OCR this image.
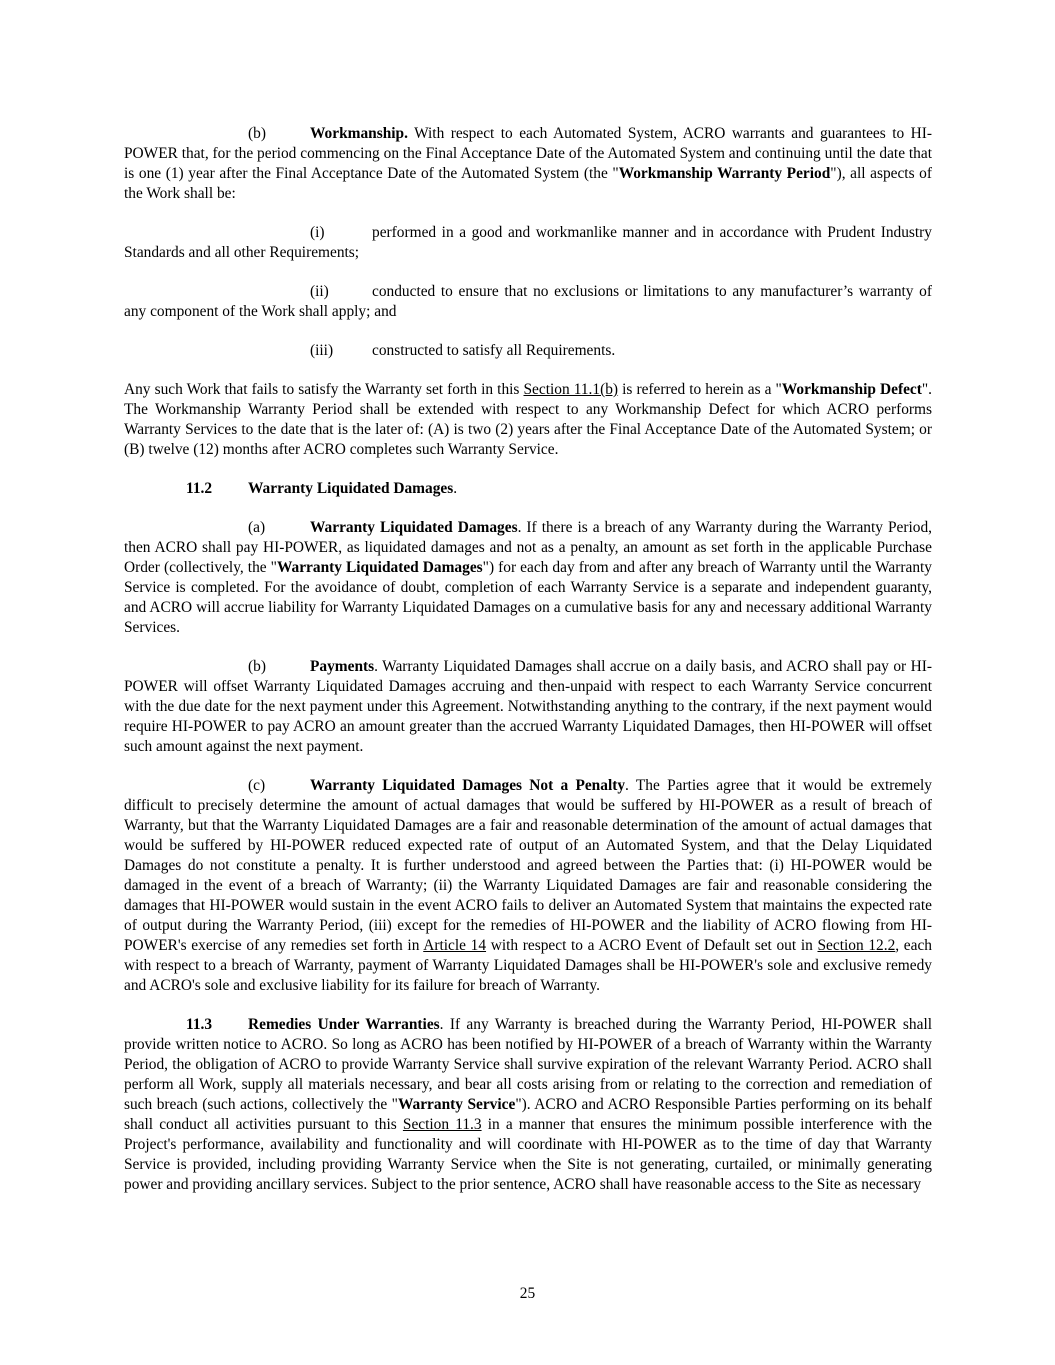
(b)	Workmanship. With respect to each Automated System, ACRO warrants and guarantees to HI-POWER that, for the period commencing on the Final Acceptance Date of the Automated System and continuing until the date that is one (1) year after the Final Acceptance Date of the Automated System (the "Workmanship Warranty Period"), all aspects of the Work shall be:

(i)	performed in a good and workmanlike manner and in accordance with Prudent Industry Standards and all other Requirements;

(ii)	conducted to ensure that no exclusions or limitations to any manufacturer’s warranty of any component of the Work shall apply; and

(iii)	constructed to satisfy all Requirements.

Any such Work that fails to satisfy the Warranty set forth in this Section 11.1(b) is referred to herein as a "Workmanship Defect". The Workmanship Warranty Period shall be extended with respect to any Workmanship Defect for which ACRO performs Warranty Services to the date that is the later of: (A) is two (2) years after the Final Acceptance Date of the Automated System; or (B) twelve (12) months after ACRO completes such Warranty Service.

11.2 Warranty Liquidated Damages.

(a)	Warranty Liquidated Damages. If there is a breach of any Warranty during the Warranty Period, then ACRO shall pay HI-POWER, as liquidated damages and not as a penalty, an amount as set forth in the applicable Purchase Order (collectively, the "Warranty Liquidated Damages") for each day from and after any breach of Warranty until the Warranty Service is completed. For the avoidance of doubt, completion of each Warranty Service is a separate and independent guaranty, and ACRO will accrue liability for Warranty Liquidated Damages on a cumulative basis for any and necessary additional Warranty Services.

(b)	Payments. Warranty Liquidated Damages shall accrue on a daily basis, and ACRO shall pay or HI-POWER will offset Warranty Liquidated Damages accruing and then-unpaid with respect to each Warranty Service concurrent with the due date for the next payment under this Agreement. Notwithstanding anything to the contrary, if the next payment would require HI-POWER to pay ACRO an amount greater than the accrued Warranty Liquidated Damages, then HI-POWER will offset such amount against the next payment.

(c)	Warranty Liquidated Damages Not a Penalty. The Parties agree that it would be extremely difficult to precisely determine the amount of actual damages that would be suffered by HI-POWER as a result of breach of Warranty, but that the Warranty Liquidated Damages are a fair and reasonable determination of the amount of actual damages that would be suffered by HI-POWER reduced expected rate of output of an Automated System, and that the Delay Liquidated Damages do not constitute a penalty. It is further understood and agreed between the Parties that: (i) HI-POWER would be damaged in the event of a breach of Warranty; (ii) the Warranty Liquidated Damages are fair and reasonable considering the damages that HI-POWER would sustain in the event ACRO fails to deliver an Automated System that maintains the expected rate of output during the Warranty Period, (iii) except for the remedies of HI-POWER and the liability of ACRO flowing from HI-POWER's exercise of any remedies set forth in Article 14 with respect to a ACRO Event of Default set out in Section 12.2, each with respect to a breach of Warranty, payment of Warranty Liquidated Damages shall be HI-POWER's sole and exclusive remedy and ACRO's sole and exclusive liability for its failure for breach of Warranty.

11.3 Remedies Under Warranties. If any Warranty is breached during the Warranty Period, HI-POWER shall provide written notice to ACRO. So long as ACRO has been notified by HI-POWER of a breach of Warranty within the Warranty Period, the obligation of ACRO to provide Warranty Service shall survive expiration of the relevant Warranty Period. ACRO shall perform all Work, supply all materials necessary, and bear all costs arising from or relating to the correction and remediation of such breach (such actions, collectively the "Warranty Service"). ACRO and ACRO Responsible Parties performing on its behalf shall conduct all activities pursuant to this Section 11.3 in a manner that ensures the minimum possible interference with the Project's performance, availability and functionality and will coordinate with HI-POWER as to the time of day that Warranty Service is provided, including providing Warranty Service when the Site is not generating, curtailed, or minimally generating power and providing ancillary services. Subject to the prior sentence, ACRO shall have reasonable access to the Site as necessary

25
